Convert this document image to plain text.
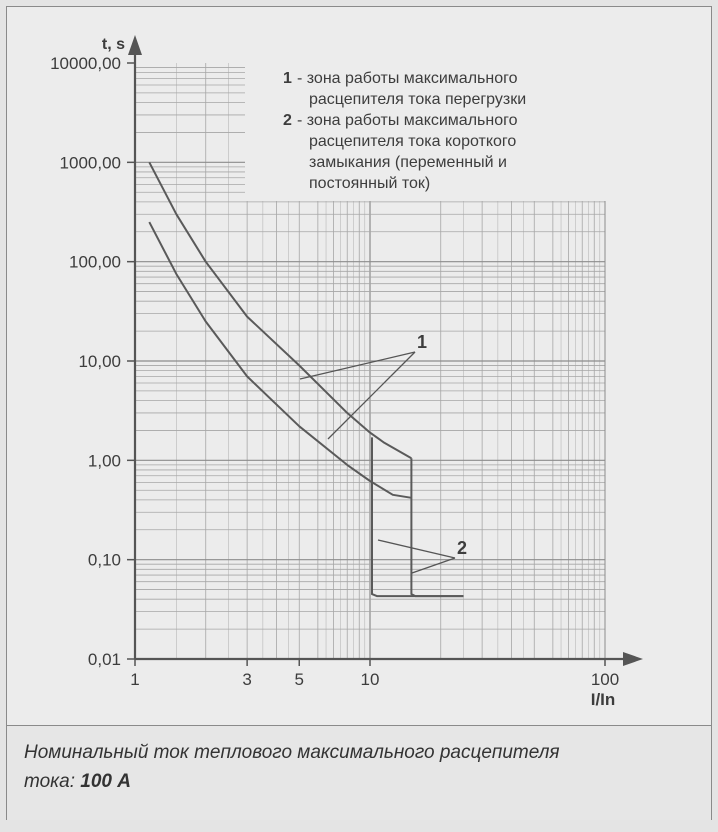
10000,00
1000,00
100,00
10,00
1,00
0,10
0,01
1	3	5	10	100
t, s
I/In
1 - зона работы максимального
расцепителя тока перегрузки
2 - зона работы максимального
расцепителя тока короткого
замыкания (переменный и
постоянный ток)
1
2
Номинальный ток теплового максимального расцепителя
тока: 100 А
